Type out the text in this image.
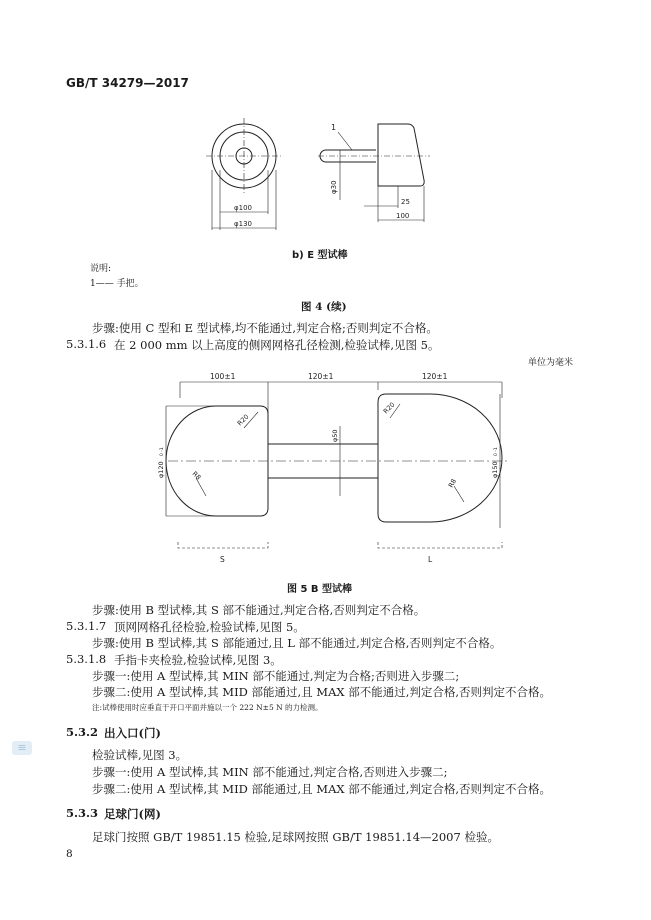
GB/T 34279—2017
1
φ100
φ130
φ30
25
100
b) E 型试棒
说明:
1—— 手把。
图 4 (续)
步骤:使用 C 型和 E 型试棒,均不能通过,判定合格;否则判定不合格。
5.3.1.6 在 2 000 mm 以上高度的侧网网格孔径检测,检验试棒,见图 5。
单位为毫米
100±1	120±1	120±1
R20
R20
R8
R8
φ50
φ120
0 -1
φ150
0 -1
S	L
图 5 B 型试棒
步骤:使用 B 型试棒,其 S 部不能通过,判定合格,否则判定不合格。
5.3.1.7 顶网网格孔径检验,检验试棒,见图 5。
步骤:使用 B 型试棒,其 S 部能通过,且 L 部不能通过,判定合格,否则判定不合格。
5.3.1.8 手指卡夹检验,检验试棒,见图 3。
步骤一:使用 A 型试棒,其 MIN 部不能通过,判定为合格;否则进入步骤二;
步骤二:使用 A 型试棒,其 MID 部能通过,且 MAX 部不能通过,判定合格,否则判定不合格。
注:试棒使用时应垂直于开口平面并施以一个 222 N±5 N 的力检测。
5.3.2 出入口(门)
检验试棒,见图 3。
步骤一:使用 A 型试棒,其 MIN 部不能通过,判定合格,否则进入步骤二;
步骤二:使用 A 型试棒,其 MID 部能通过,且 MAX 部不能通过,判定合格,否则判定不合格。
5.3.3 足球门(网)
足球门按照 GB/T 19851.15 检验,足球网按照 GB/T 19851.14—2007 检验。
8
≡
